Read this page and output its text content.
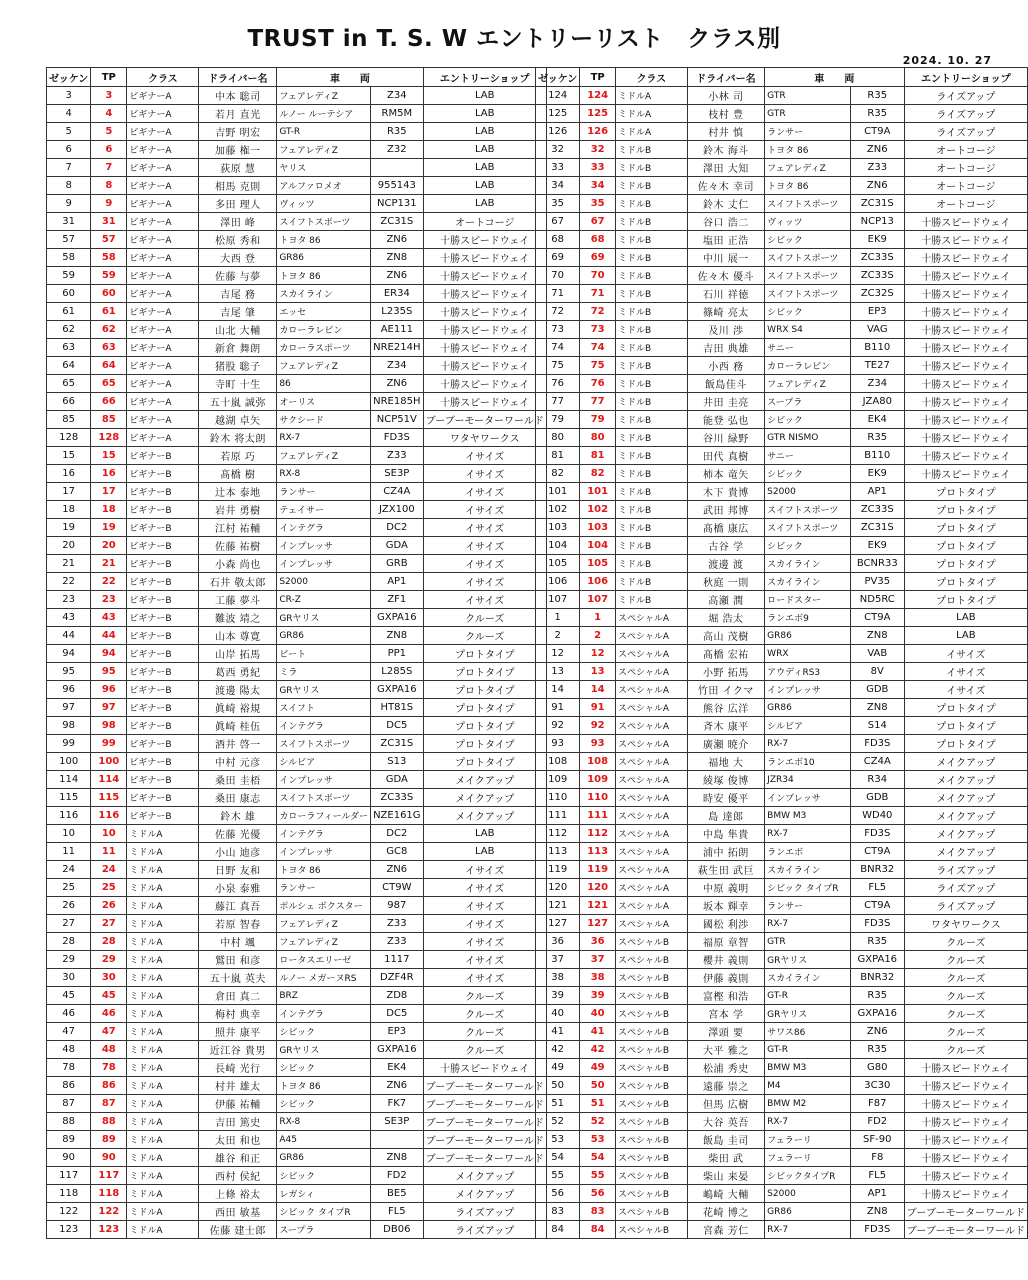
TRUST in T. S. W エントリーリスト　クラス別
2024. 10. 27
ゼッケン	TP	クラス	ドライバー名	車　　両		エントリーショップ
3	3	ビギナーA	中本 聡司	フェアレディZ	Z34	LAB
4	4	ビギナーA	若月 直光	ルノー ルーテシア	RM5M	LAB
5	5	ビギナーA	吉野 明宏	GT-R	R35	LAB
6	6	ビギナーA	加藤 権一	フェアレディZ	Z32	LAB
7	7	ビギナーA	荻原 慧	ヤリス		LAB
8	8	ビギナーA	相馬 克則	アルファロメオ	955143	LAB
9	9	ビギナーA	多田 理人	ヴィッツ	NCP131	LAB
31	31	ビギナーA	澤田 峰	スイフトスポーツ	ZC31S	オートコージ
57	57	ビギナーA	松原 秀和	トヨタ 86	ZN6	十勝スピードウェイ
58	58	ビギナーA	大西 登	GR86	ZN8	十勝スピードウェイ
59	59	ビギナーA	佐藤 与夢	トヨタ 86	ZN6	十勝スピードウェイ
60	60	ビギナーA	吉尾 務	スカイライン	ER34	十勝スピードウェイ
61	61	ビギナーA	吉尾 肇	エッセ	L235S	十勝スピードウェイ
62	62	ビギナーA	山北 大輔	カローラレビン	AE111	十勝スピードウェイ
63	63	ビギナーA	新倉 舞朗	カローラスポーツ	NRE214H	十勝スピードウェイ
64	64	ビギナーA	猪股 聡子	フェアレディZ	Z34	十勝スピードウェイ
65	65	ビギナーA	寺町 十生	86	ZN6	十勝スピードウェイ
66	66	ビギナーA	五十嵐 誠弥	オーリス	NRE185H	十勝スピードウェイ
85	85	ビギナーA	越湖 卓矢	サクシード	NCP51V	ブーブーモーターワールド
128	128	ビギナーA	鈴木 将太朗	RX-7	FD3S	ワタヤワークス
15	15	ビギナーB	若原 巧	フェアレディZ	Z33	イサイズ
16	16	ビギナーB	髙橋 樹	RX-8	SE3P	イサイズ
17	17	ビギナーB	辻本 泰地	ランサー	CZ4A	イサイズ
18	18	ビギナーB	岩井 勇樹	テェイサー	JZX100	イサイズ
19	19	ビギナーB	江村 祐輔	インテグラ	DC2	イサイズ
20	20	ビギナーB	佐藤 祐樹	インプレッサ	GDA	イサイズ
21	21	ビギナーB	小森 尚也	インプレッサ	GRB	イサイズ
22	22	ビギナーB	石井 敬太郎	S2000	AP1	イサイズ
23	23	ビギナーB	工藤 夢斗	CR-Z	ZF1	イサイズ
43	43	ビギナーB	難波 靖之	GRヤリス	GXPA16	クルーズ
44	44	ビギナーB	山本 尊寛	GR86	ZN8	クルーズ
94	94	ビギナーB	山岸 拓馬	ビート	PP1	プロトタイプ
95	95	ビギナーB	葛西 勇紀	ミラ	L285S	プロトタイプ
96	96	ビギナーB	渡邊 陽太	GRヤリス	GXPA16	プロトタイプ
97	97	ビギナーB	眞崎 裕規	スイフト	HT81S	プロトタイプ
98	98	ビギナーB	眞崎 桂伍	インテグラ	DC5	プロトタイプ
99	99	ビギナーB	酒井 啓一	スイフトスポーツ	ZC31S	プロトタイプ
100	100	ビギナーB	中村 元彦	シルビア	S13	プロトタイプ
114	114	ビギナーB	桑田 圭梧	インプレッサ	GDA	メイクアップ
115	115	ビギナーB	桑田 康志	スイフトスポーツ	ZC33S	メイクアップ
116	116	ビギナーB	鈴木 雄	カローラフィールダー	NZE161G	メイクアップ
10	10	ミドルA	佐藤 光優	インテグラ	DC2	LAB
11	11	ミドルA	小山 迪彦	インプレッサ	GC8	LAB
24	24	ミドルA	日野 友和	トヨタ 86	ZN6	イサイズ
25	25	ミドルA	小泉 泰雅	ランサー	CT9W	イサイズ
26	26	ミドルA	藤江 真吾	ポルシェ ボクスター	987	イサイズ
27	27	ミドルA	若原 智春	フェアレディZ	Z33	イサイズ
28	28	ミドルA	中村 颯	フェアレディZ	Z33	イサイズ
29	29	ミドルA	鷲田 和彦	ロータスエリーゼ	1117	イサイズ
30	30	ミドルA	五十嵐 英夫	ルノー メガーヌRS	DZF4R	イサイズ
45	45	ミドルA	倉田 真二	BRZ	ZD8	クルーズ
46	46	ミドルA	梅村 典幸	インテグラ	DC5	クルーズ
47	47	ミドルA	照井 康平	シビック	EP3	クルーズ
48	48	ミドルA	近江谷 貴男	GRヤリス	GXPA16	クルーズ
78	78	ミドルA	長崎 光行	シビック	EK4	十勝スピードウェイ
86	86	ミドルA	村井 雄太	トヨタ 86	ZN6	ブーブーモーターワールド
87	87	ミドルA	伊藤 祐輔	シビック	FK7	ブーブーモーターワールド
88	88	ミドルA	吉田 篤史	RX-8	SE3P	ブーブーモーターワールド
89	89	ミドルA	太田 和也	A45		ブーブーモーターワールド
90	90	ミドルA	雄谷 和正	GR86	ZN8	ブーブーモーターワールド
117	117	ミドルA	西村 侯紀	シビック	FD2	メイクアップ
118	118	ミドルA	上條 裕太	レガシィ	BE5	メイクアップ
122	122	ミドルA	西田 敏基	シビック タイプR	FL5	ライズアップ
123	123	ミドルA	佐藤 建士郎	スープラ	DB06	ライズアップ
ゼッケン	TP	クラス	ドライバー名	車　　両		エントリーショップ
124	124	ミドルA	小林 司	GTR	R35	ライズアップ
125	125	ミドルA	枝村 豊	GTR	R35	ライズアップ
126	126	ミドルA	村井 慎	ランサー	CT9A	ライズアップ
32	32	ミドルB	鈴木 海斗	トヨタ 86	ZN6	オートコージ
33	33	ミドルB	澤田 大知	フェアレディZ	Z33	オートコージ
34	34	ミドルB	佐々木 幸司	トヨタ 86	ZN6	オートコージ
35	35	ミドルB	鈴木 丈仁	スイフトスポーツ	ZC31S	オートコージ
67	67	ミドルB	谷口 浩二	ヴィッツ	NCP13	十勝スピードウェイ
68	68	ミドルB	塩田 正浩	シビック	EK9	十勝スピードウェイ
69	69	ミドルB	中川 展一	スイフトスポーツ	ZC33S	十勝スピードウェイ
70	70	ミドルB	佐々木 優斗	スイフトスポーツ	ZC33S	十勝スピードウェイ
71	71	ミドルB	石川 祥徳	スイフトスポーツ	ZC32S	十勝スピードウェイ
72	72	ミドルB	篠崎 亮太	シビック	EP3	十勝スピードウェイ
73	73	ミドルB	及川 渉	WRX S4	VAG	十勝スピードウェイ
74	74	ミドルB	吉田 典雄	サニー	B110	十勝スピードウェイ
75	75	ミドルB	小西 務	カローラレビン	TE27	十勝スピードウェイ
76	76	ミドルB	飯島佳斗	フェアレディZ	Z34	十勝スピードウェイ
77	77	ミドルB	井田 圭亮	スープラ	JZA80	十勝スピードウェイ
79	79	ミドルB	能登 弘也	シビック	EK4	十勝スピードウェイ
80	80	ミドルB	谷川 緑野	GTR NISMO	R35	十勝スピードウェイ
81	81	ミドルB	田代 真樹	サニー	B110	十勝スピードウェイ
82	82	ミドルB	柿本 竜矢	シビック	EK9	十勝スピードウェイ
101	101	ミドルB	木下 貴博	S2000	AP1	プロトタイプ
102	102	ミドルB	武田 邦博	スイフトスポーツ	ZC33S	プロトタイプ
103	103	ミドルB	髙橋 康広	スイフトスポーツ	ZC31S	プロトタイプ
104	104	ミドルB	古谷 学	シビック	EK9	プロトタイプ
105	105	ミドルB	渡邊 渡	スカイライン	BCNR33	プロトタイプ
106	106	ミドルB	秋庭 一則	スカイライン	PV35	プロトタイプ
107	107	ミドルB	高瀬 潤	ロードスター	ND5RC	プロトタイプ
1	1	スペシャルA	堀 浩太	ランエボ9	CT9A	LAB
2	2	スペシャルA	高山 茂樹	GR86	ZN8	LAB
12	12	スペシャルA	髙橋 宏祐	WRX	VAB	イサイズ
13	13	スペシャルA	小野 拓馬	アウディRS3	8V	イサイズ
14	14	スペシャルA	竹田 イクマ	インプレッサ	GDB	イサイズ
91	91	スペシャルA	熊谷 広洋	GR86	ZN8	プロトタイプ
92	92	スペシャルA	斉木 康平	シルビア	S14	プロトタイプ
93	93	スペシャルA	廣瀬 暁介	RX-7	FD3S	プロトタイプ
108	108	スペシャルA	福地 大	ランエボ10	CZ4A	メイクアップ
109	109	スペシャルA	綾塚 俊博	JZR34	R34	メイクアップ
110	110	スペシャルA	時安 優平	インプレッサ	GDB	メイクアップ
111	111	スペシャルA	島 達郎	BMW M3	WD40	メイクアップ
112	112	スペシャルA	中島 隼貴	RX-7	FD3S	メイクアップ
113	113	スペシャルA	浦中 拓朗	ランエボ	CT9A	メイクアップ
119	119	スペシャルA	萩生田 武巨	スカイライン	BNR32	ライズアップ
120	120	スペシャルA	中原 義明	シビック タイプR	FL5	ライズアップ
121	121	スペシャルA	坂本 輝幸	ランサー	CT9A	ライズアップ
127	127	スペシャルA	國松 利渉	RX-7	FD3S	ワタヤワークス
36	36	スペシャルB	福原 章智	GTR	R35	クルーズ
37	37	スペシャルB	櫻井 義則	GRヤリス	GXPA16	クルーズ
38	38	スペシャルB	伊藤 義則	スカイライン	BNR32	クルーズ
39	39	スペシャルB	富樫 和浩	GT-R	R35	クルーズ
40	40	スペシャルB	宮本 学	GRヤリス	GXPA16	クルーズ
41	41	スペシャルB	澤頭 要	サワス86	ZN6	クルーズ
42	42	スペシャルB	大平 雅之	GT-R	R35	クルーズ
49	49	スペシャルB	松浦 秀史	BMW M3	G80	十勝スピードウェイ
50	50	スペシャルB	遠藤 崇之	M4	3C30	十勝スピードウェイ
51	51	スペシャルB	但馬 広樹	BMW M2	F87	十勝スピードウェイ
52	52	スペシャルB	大谷 英吾	RX-7	FD2	十勝スピードウェイ
53	53	スペシャルB	飯島 圭司	フェラーリ	SF-90	十勝スピードウェイ
54	54	スペシャルB	柴田 武	フェラーリ	F8	十勝スピードウェイ
55	55	スペシャルB	柴山 来晏	シビックタイプR	FL5	十勝スピードウェイ
56	56	スペシャルB	嶋崎 大輔	S2000	AP1	十勝スピードウェイ
83	83	スペシャルB	花崎 博之	GR86	ZN8	ブーブーモーターワールド
84	84	スペシャルB	宮森 芳仁	RX-7	FD3S	ブーブーモーターワールド
